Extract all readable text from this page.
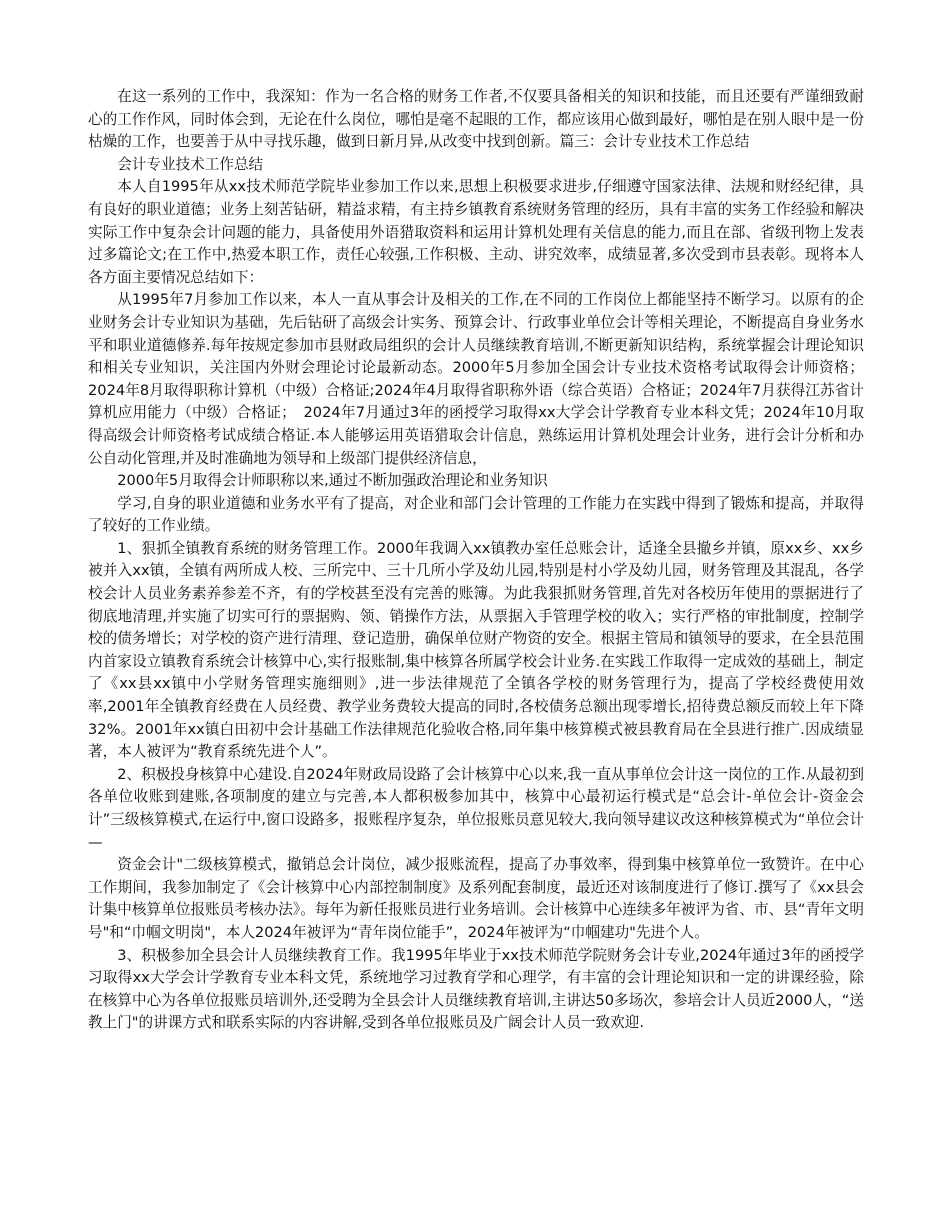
在这一系列的工作中，我深知：作为一名合格的财务工作者,不仅要具备相关的知识和技能，而且还要有严谨细致耐心的工作作风，同时体会到，无论在什么岗位，哪怕是毫不起眼的工作，都应该用心做到最好，哪怕是在别人眼中是一份枯燥的工作，也要善于从中寻找乐趣，做到日新月异,从改变中找到创新。篇三：会计专业技术工作总结

会计专业技术工作总结

本人自1995年从xx技术师范学院毕业参加工作以来,思想上积极要求进步,仔细遵守国家法律、法规和财经纪律，具有良好的职业道德；业务上刻苦钻研，精益求精，有主持乡镇教育系统财务管理的经历，具有丰富的实务工作经验和解决实际工作中复杂会计问题的能力，具备使用外语猎取资料和运用计算机处理有关信息的能力,而且在部、省级刊物上发表过多篇论文;在工作中,热爱本职工作，责任心较强,工作积极、主动、讲究效率，成绩显著,多次受到市县表彰。现将本人各方面主要情况总结如下：

从1995年7月参加工作以来，本人一直从事会计及相关的工作,在不同的工作岗位上都能坚持不断学习。以原有的企业财务会计专业知识为基础，先后钻研了高级会计实务、预算会计、行政事业单位会计等相关理论，不断提高自身业务水平和职业道德修养.每年按规定参加市县财政局组织的会计人员继续教育培训,不断更新知识结构，系统掌握会计理论知识和相关专业知识，关注国内外财会理论讨论最新动态。2000年5月参加全国会计专业技术资格考试取得会计师资格；2024年8月取得职称计算机（中级）合格证;2024年4月取得省职称外语（综合英语）合格证；2024年7月获得江苏省计算机应用能力（中级）合格证；　2024年7月通过3年的函授学习取得xx大学会计学教育专业本科文凭；2024年10月取得高级会计师资格考试成绩合格证.本人能够运用英语猎取会计信息，熟练运用计算机处理会计业务，进行会计分析和办公自动化管理,并及时准确地为领导和上级部门提供经济信息，

2000年5月取得会计师职称以来,通过不断加强政治理论和业务知识

学习,自身的职业道德和业务水平有了提高，对企业和部门会计管理的工作能力在实践中得到了锻炼和提高，并取得了较好的工作业绩。

1、狠抓全镇教育系统的财务管理工作。2000年我调入xx镇教办室任总账会计，适逢全县撤乡并镇，原xx乡、xx乡被并入xx镇，全镇有两所成人校、三所完中、三十几所小学及幼儿园,特别是村小学及幼儿园，财务管理及其混乱，各学校会计人员业务素养参差不齐，有的学校甚至没有完善的账簿。为此我狠抓财务管理,首先对各校历年使用的票据进行了彻底地清理,并实施了切实可行的票据购、领、销操作方法，从票据入手管理学校的收入；实行严格的审批制度，控制学校的债务增长；对学校的资产进行清理、登记造册，确保单位财产物资的安全。根据主管局和镇领导的要求，在全县范围内首家设立镇教育系统会计核算中心,实行报账制,集中核算各所属学校会计业务.在实践工作取得一定成效的基础上，制定了《xx县xx镇中小学财务管理实施细则》,进一步法律规范了全镇各学校的财务管理行为，提高了学校经费使用效率,2001年全镇教育经费在人员经费、教学业务费较大提高的同时,各校债务总额出现零增长,招待费总额反而较上年下降32%。2001年xx镇白田初中会计基础工作法律规范化验收合格,同年集中核算模式被县教育局在全县进行推广.因成绩显著，本人被评为“教育系统先进个人”。

2、积极投身核算中心建设.自2024年财政局设路了会计核算中心以来,我一直从事单位会计这一岗位的工作.从最初到各单位收账到建账,各项制度的建立与完善,本人都积极参加其中，核算中心最初运行模式是“总会计-单位会计-资金会计”三级核算模式,在运行中,窗口设路多，报账程序复杂，单位报账员意见较大,我向领导建议改这种核算模式为“单位会计—

资金会计"二级核算模式，撤销总会计岗位，减少报账流程，提高了办事效率，得到集中核算单位一致赞许。在中心工作期间，我参加制定了《会计核算中心内部控制制度》及系列配套制度，最近还对该制度进行了修订.撰写了《xx县会计集中核算单位报账员考核办法》。每年为新任报账员进行业务培训。会计核算中心连续多年被评为省、市、县“青年文明号"和“巾帼文明岗"，本人2024年被评为“青年岗位能手”，2024年被评为“巾帼建功"先进个人。

3、积极参加全县会计人员继续教育工作。我1995年毕业于xx技术师范学院财务会计专业,2024年通过3年的函授学习取得xx大学会计学教育专业本科文凭，系统地学习过教育学和心理学，有丰富的会计理论知识和一定的讲课经验，除在核算中心为各单位报账员培训外,还受聘为全县会计人员继续教育培训,主讲达50多场次，参培会计人员近2000人，“送教上门"的讲课方式和联系实际的内容讲解,受到各单位报账员及广阔会计人员一致欢迎.
